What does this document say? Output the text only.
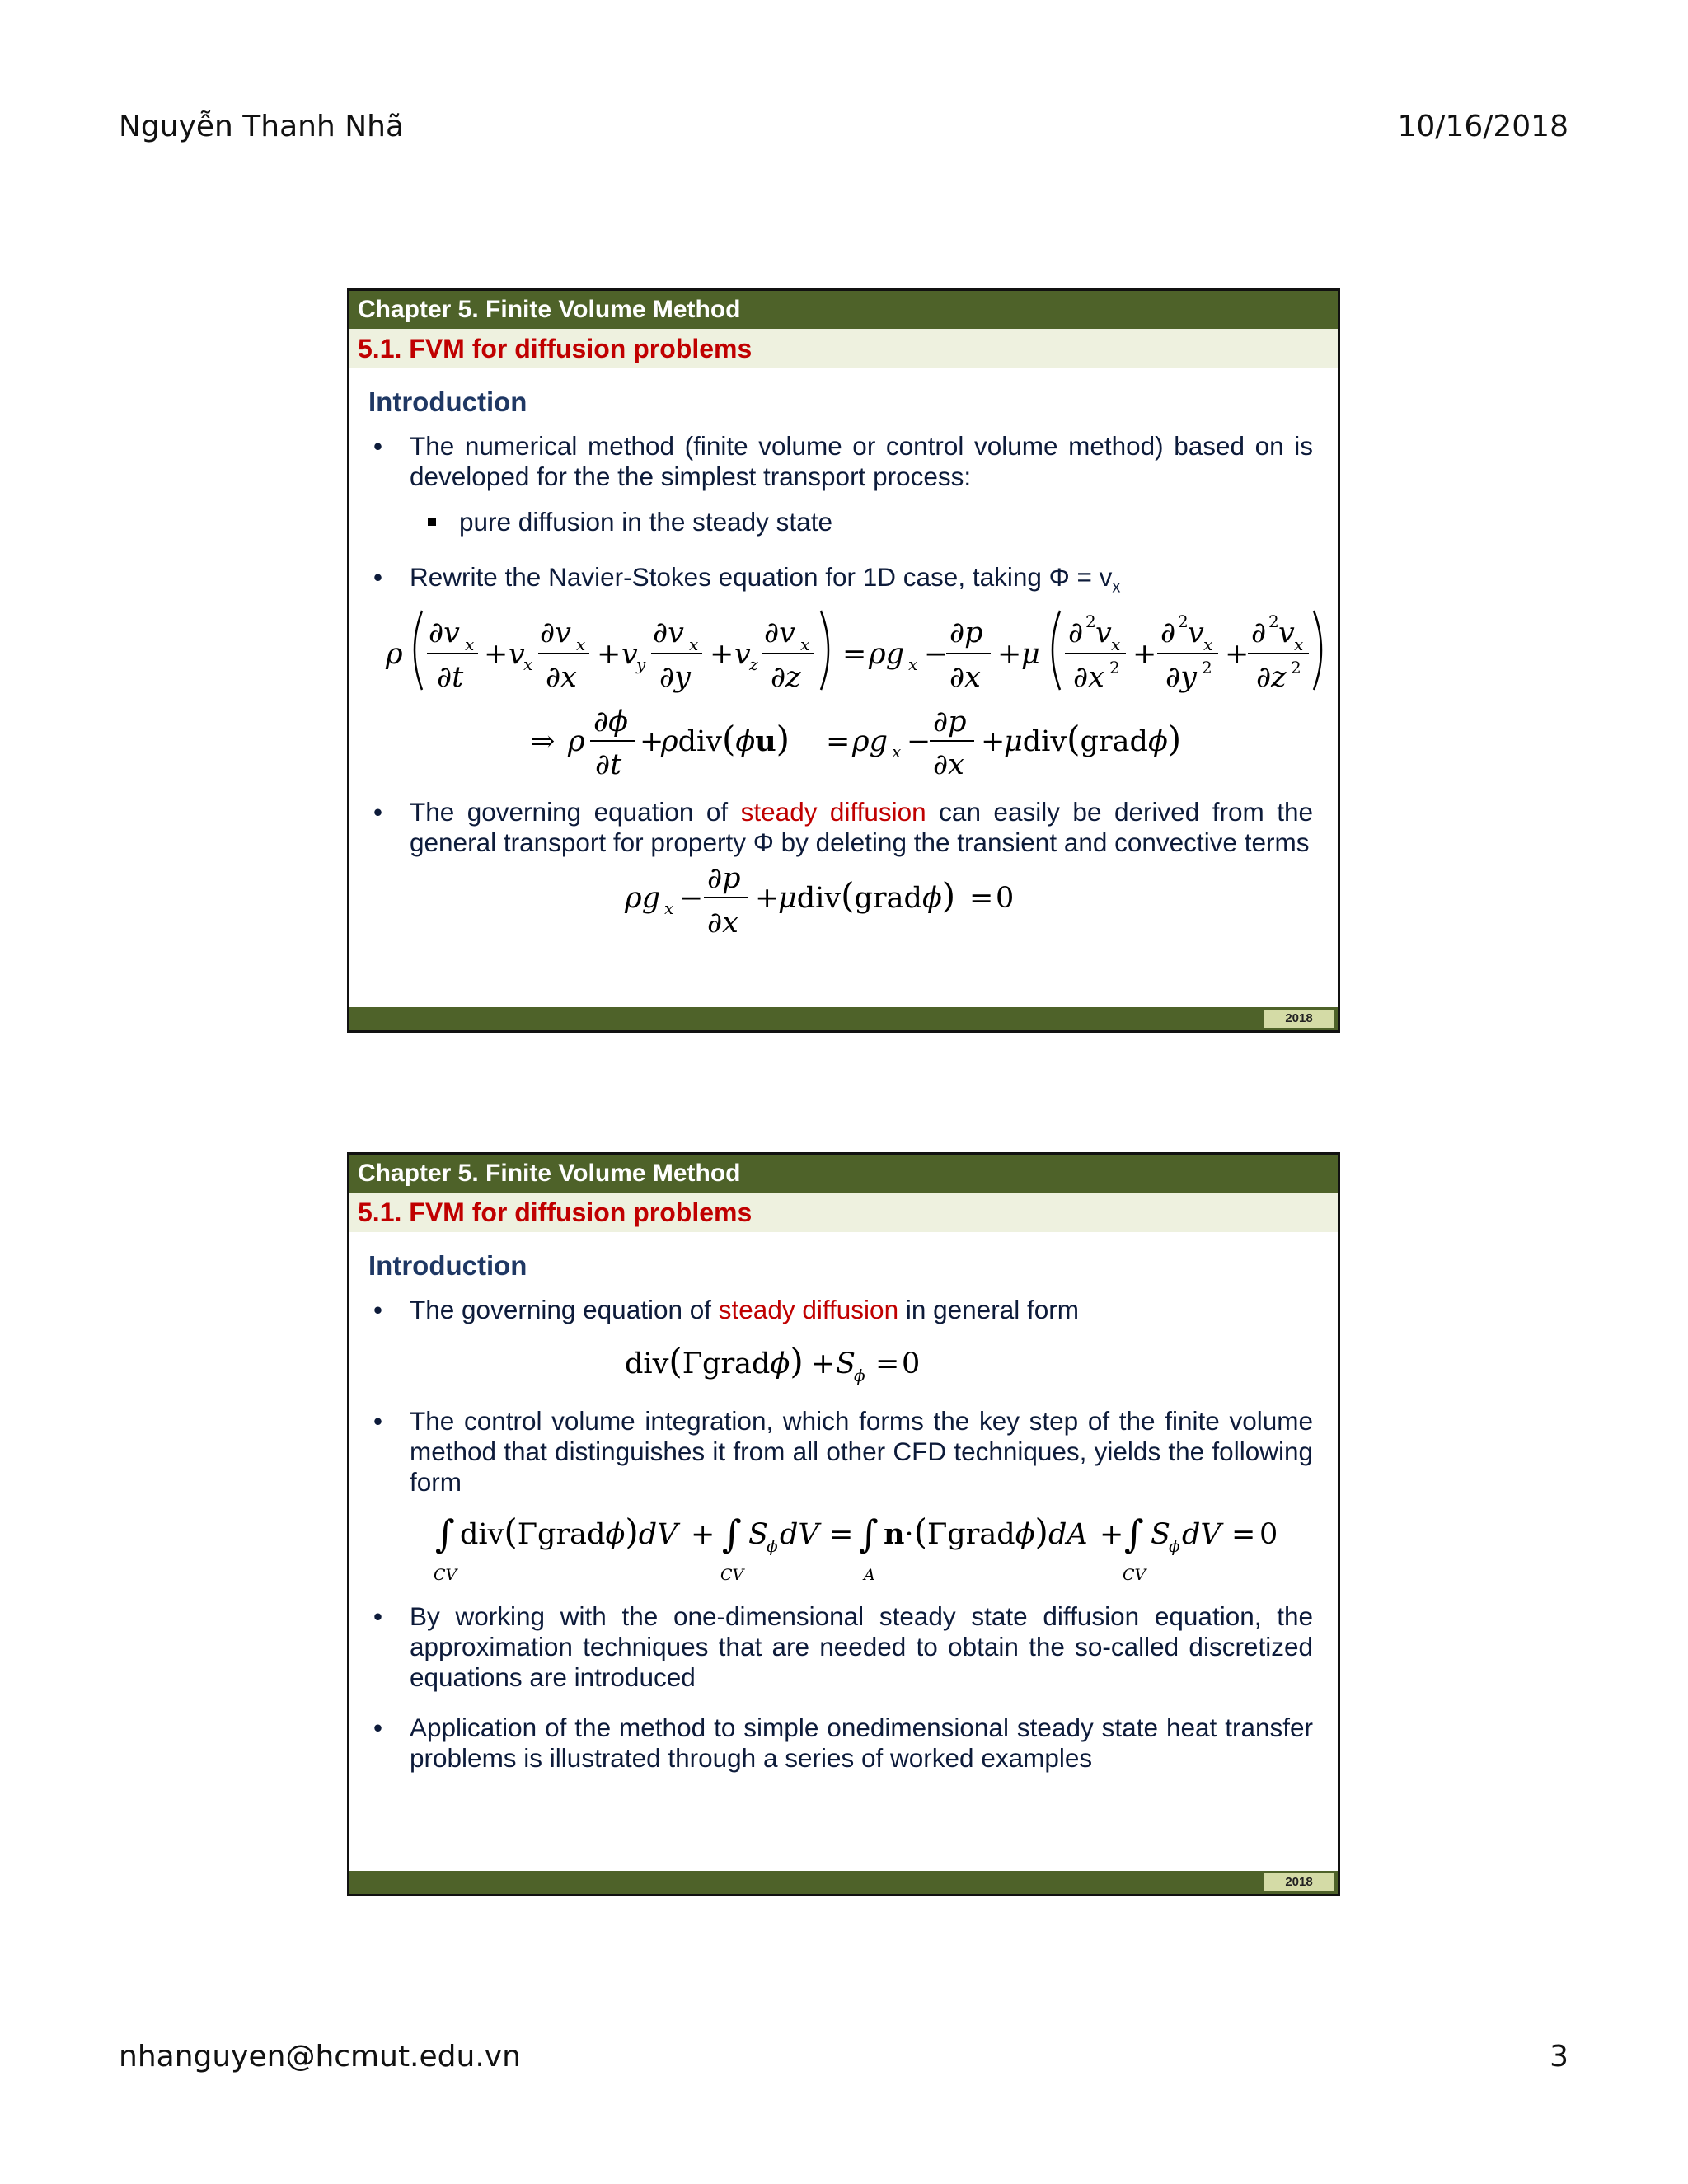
Nguyễn Thanh Nhã	10/16/2018
Chapter 5. Finite Volume Method
5.1. FVM for diffusion problems
Introduction
• The numerical method (finite volume or control volume method) based on is developed for the the simplest transport process:
pure diffusion in the steady state
• Rewrite the Navier-Stokes equation for 1D case, taking $\Phi = v_x$
ρ
∂v x
∂t
+ v
x
∂v x
∂x
+ v
y
∂v x
∂y
+ v
z
∂v x
∂z
= ρg x −
∂p
∂x
+ μ
∂ 2 v x
∂x 2 +
∂ 2 v x
∂y 2 +
∂ 2 v x
∂z 2
⇒ ρ
∂ϕ
∂t
+
ρdiv(ϕu) = ρg x −
∂p
∂x
+
μdiv(gradϕ)
• The governing equation of steady diffusion can easily be derived from the general transport for property Φ by deleting the transient and convective terms
ρg x −
∂p
∂x
+
μdiv(gradϕ) = 0
2018
Chapter 5. Finite Volume Method
5.1. FVM for diffusion problems
Introduction
• The governing equation of steady diffusion in general form
div(Γgradϕ) + S
ϕ = 0
• The control volume integration, which forms the key step of the finite volume method that distinguishes it from all other CFD techniques, yields the following form
∫
CV
div(Γgradϕ)dV + ∫
CV
S
ϕ dV = ∫
A
n·(Γgradϕ)dA + ∫
CV
S
ϕ dV = 0
• By working with the one-dimensional steady state diffusion equation, the approximation techniques that are needed to obtain the so-called discretized equations are introduced
• Application of the method to simple onedimensional steady state heat transfer problems is illustrated through a series of worked examples
2018
nhanguyen@hcmut.edu.vn	3
